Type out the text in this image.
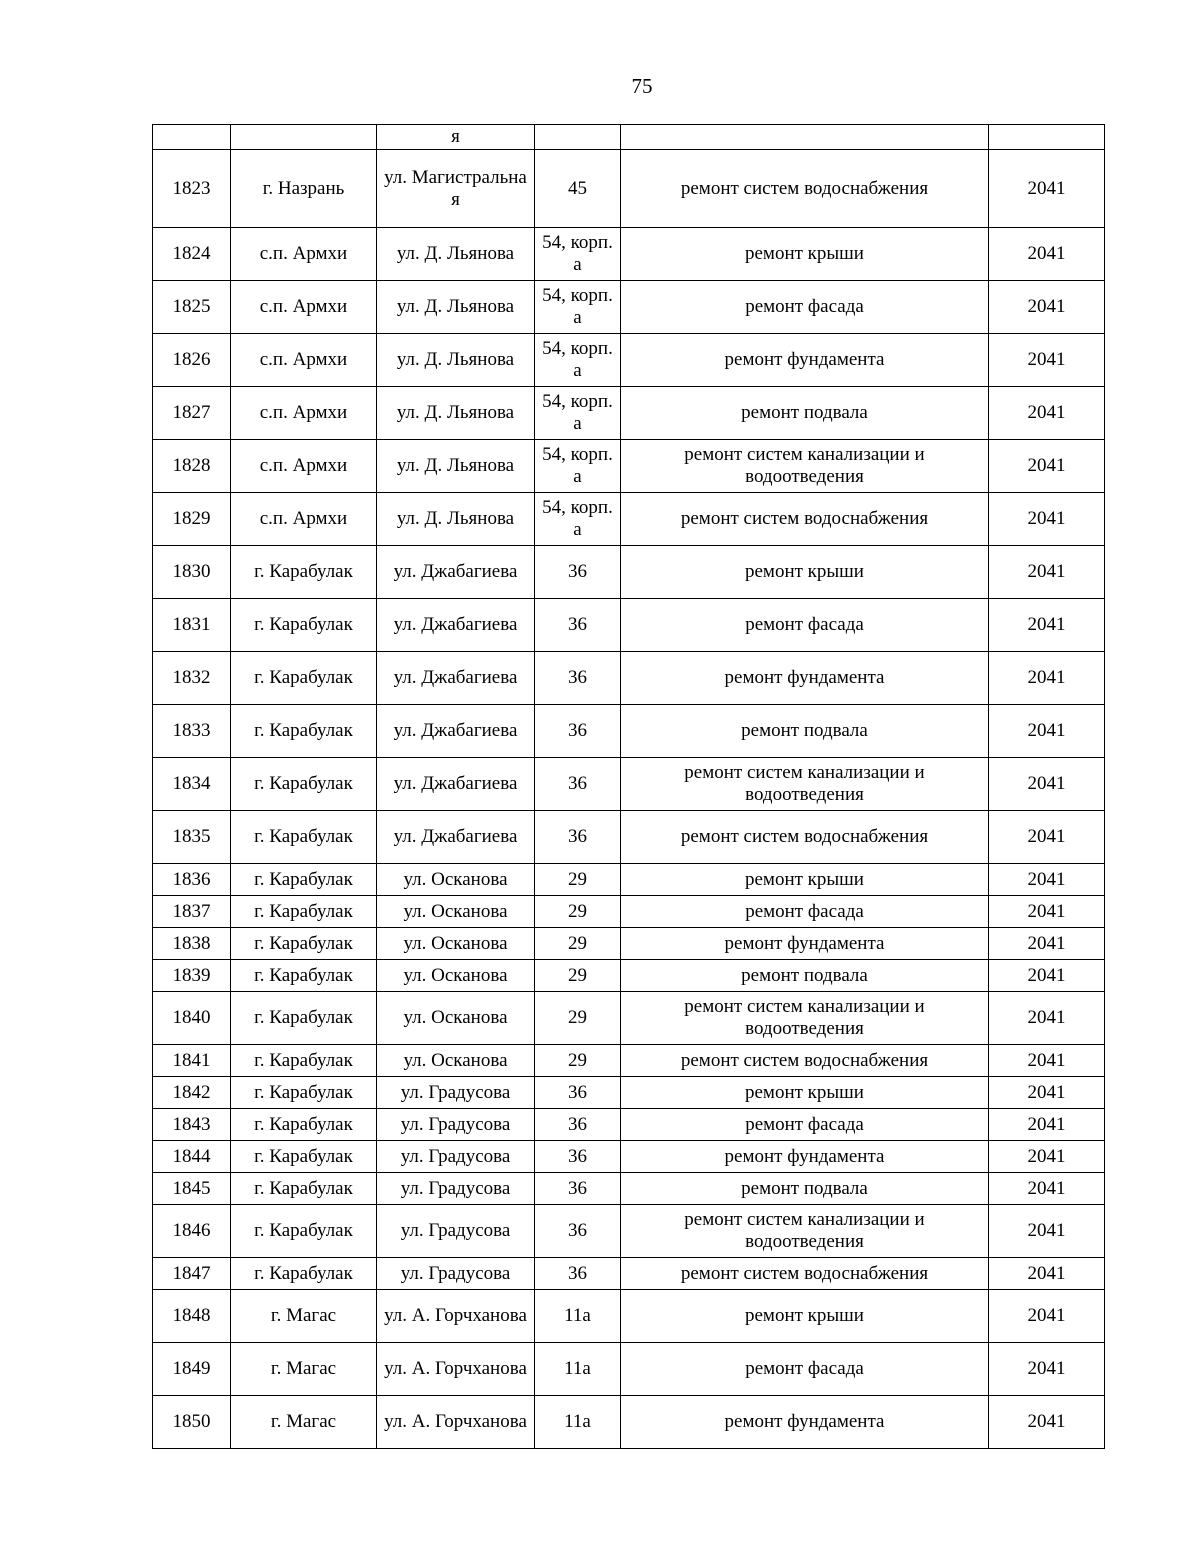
75
		я			
1823	г. Назрань	ул. Магистральна я	45	ремонт систем водоснабжения	2041
1824	с.п. Армхи	ул. Д. Льянова	54, корп. а	ремонт крыши	2041
1825	с.п. Армхи	ул. Д. Льянова	54, корп. а	ремонт фасада	2041
1826	с.п. Армхи	ул. Д. Льянова	54, корп. а	ремонт фундамента	2041
1827	с.п. Армхи	ул. Д. Льянова	54, корп. а	ремонт подвала	2041
1828	с.п. Армхи	ул. Д. Льянова	54, корп. а	ремонт систем канализации и водоотведения	2041
1829	с.п. Армхи	ул. Д. Льянова	54, корп. а	ремонт систем водоснабжения	2041
1830	г. Карабулак	ул. Джабагиева	36	ремонт крыши	2041
1831	г. Карабулак	ул. Джабагиева	36	ремонт фасада	2041
1832	г. Карабулак	ул. Джабагиева	36	ремонт фундамента	2041
1833	г. Карабулак	ул. Джабагиева	36	ремонт подвала	2041
1834	г. Карабулак	ул. Джабагиева	36	ремонт систем канализации и водоотведения	2041
1835	г. Карабулак	ул. Джабагиева	36	ремонт систем водоснабжения	2041
1836	г. Карабулак	ул. Осканова	29	ремонт крыши	2041
1837	г. Карабулак	ул. Осканова	29	ремонт фасада	2041
1838	г. Карабулак	ул. Осканова	29	ремонт фундамента	2041
1839	г. Карабулак	ул. Осканова	29	ремонт подвала	2041
1840	г. Карабулак	ул. Осканова	29	ремонт систем канализации и водоотведения	2041
1841	г. Карабулак	ул. Осканова	29	ремонт систем водоснабжения	2041
1842	г. Карабулак	ул. Градусова	36	ремонт крыши	2041
1843	г. Карабулак	ул. Градусова	36	ремонт фасада	2041
1844	г. Карабулак	ул. Градусова	36	ремонт фундамента	2041
1845	г. Карабулак	ул. Градусова	36	ремонт подвала	2041
1846	г. Карабулак	ул. Градусова	36	ремонт систем канализации и водоотведения	2041
1847	г. Карабулак	ул. Градусова	36	ремонт систем водоснабжения	2041
1848	г. Магас	ул. А. Горчханова	11а	ремонт крыши	2041
1849	г. Магас	ул. А. Горчханова	11а	ремонт фасада	2041
1850	г. Магас	ул. А. Горчханова	11а	ремонт фундамента	2041
